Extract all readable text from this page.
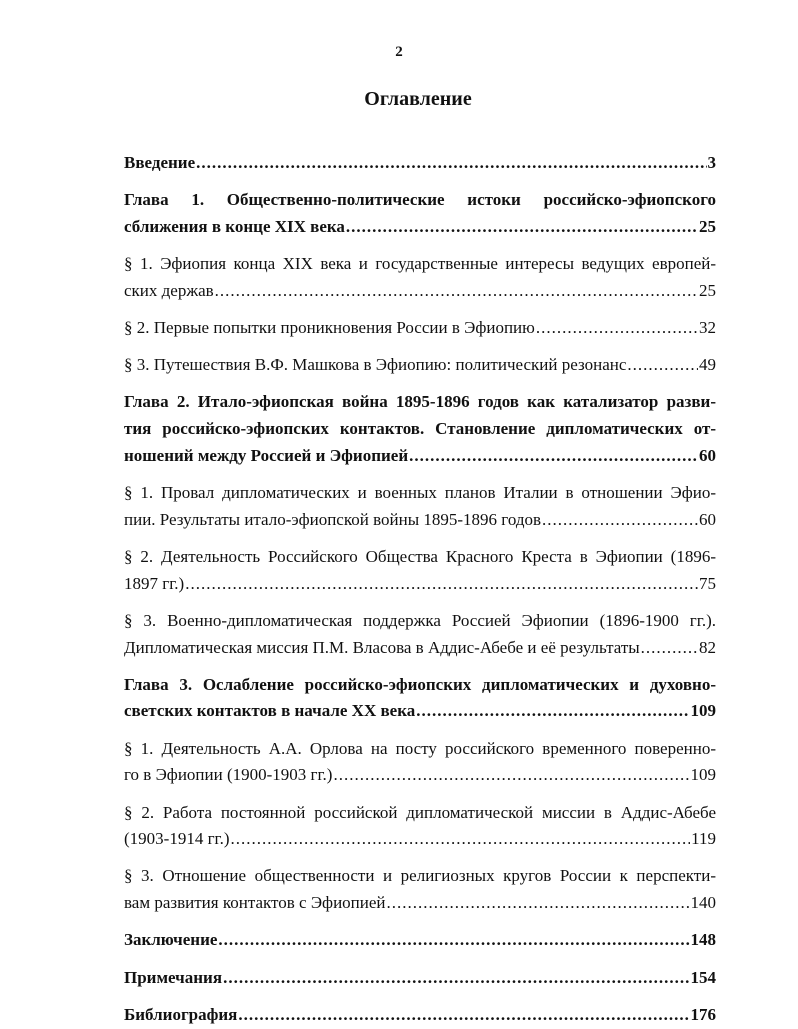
2
Оглавление
Введение .....	3
Глава 1. Общественно-политические истоки российско-эфиопского
сближения в конце XIX века .....	25
§ 1. Эфиопия конца XIX века и государственные интересы ведущих европей-
ских держав .....	25
§ 2. Первые попытки проникновения России в Эфиопию .....	32
§ 3. Путешествия В.Ф. Машкова в Эфиопию: политический резонанс .....	49
Глава 2. Итало-эфиопская война 1895-1896 годов как катализатор разви-
тия российско-эфиопских контактов. Становление дипломатических от-
ношений между Россией и Эфиопией .....	60
§ 1. Провал дипломатических и военных планов Италии в отношении Эфио-
пии. Результаты итало-эфиопской войны 1895-1896 годов .....	60
§ 2. Деятельность Российского Общества Красного Креста в Эфиопии (1896-
1897 гг.) .....	75
§ 3. Военно-дипломатическая поддержка Россией Эфиопии (1896-1900 гг.).
Дипломатическая миссия П.М. Власова в Аддис-Абебе и её результаты .....	82
Глава 3. Ослабление российско-эфиопских дипломатических и духовно-
светских контактов в начале XX века .....	109
§ 1. Деятельность А.А. Орлова на посту российского временного поверенно-
го в Эфиопии (1900-1903 гг.) .....	109
§ 2. Работа постоянной российской дипломатической миссии в Аддис-Абебе
(1903-1914 гг.) .....	119
§ 3. Отношение общественности и религиозных кругов России к перспекти-
вам развития контактов с Эфиопией .....	140
Заключение .....	148
Примечания .....	154
Библиография .....	176
